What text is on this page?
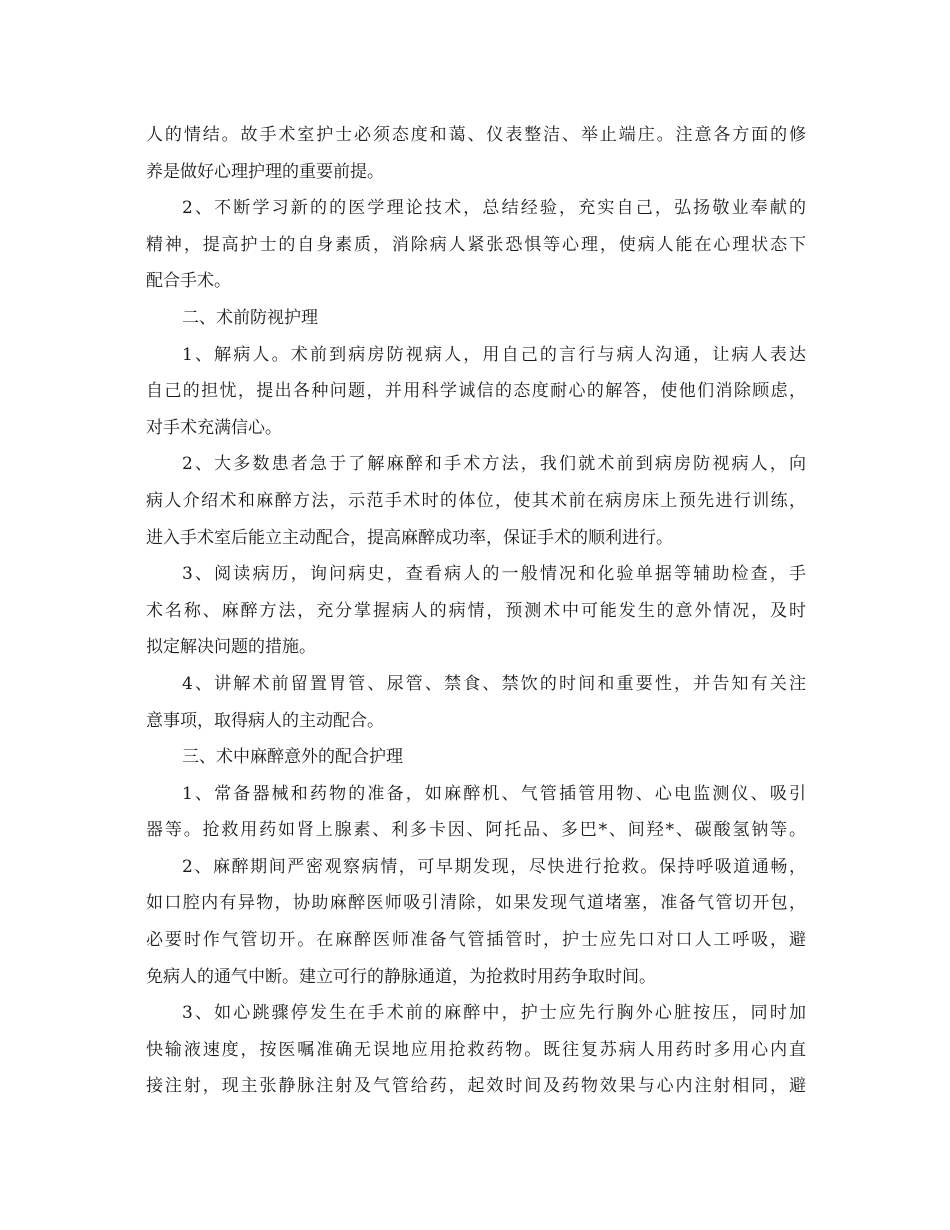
人的情结。故手术室护士必须态度和蔼、仪表整洁、举止端庄。注意各方面的修
养是做好心理护理的重要前提。
2、不断学习新的的医学理论技术，总结经验，充实自己，弘扬敬业奉献的
精神，提高护士的自身素质，消除病人紧张恐惧等心理，使病人能在心理状态下
配合手术。
二、术前防视护理
1、解病人。术前到病房防视病人，用自己的言行与病人沟通，让病人表达
自己的担忧，提出各种问题，并用科学诚信的态度耐心的解答，使他们消除顾虑，
对手术充满信心。
2、大多数患者急于了解麻醉和手术方法，我们就术前到病房防视病人，向
病人介绍术和麻醉方法，示范手术时的体位，使其术前在病房床上预先进行训练，
进入手术室后能立主动配合，提高麻醉成功率，保证手术的顺利进行。
3、阅读病历，询问病史，查看病人的一般情况和化验单据等辅助检查，手
术名称、麻醉方法，充分掌握病人的病情，预测术中可能发生的意外情况，及时
拟定解决问题的措施。
4、讲解术前留置胃管、尿管、禁食、禁饮的时间和重要性，并告知有关注
意事项，取得病人的主动配合。
三、术中麻醉意外的配合护理
1、常备器械和药物的准备，如麻醉机、气管插管用物、心电监测仪、吸引
器等。抢救用药如肾上腺素、利多卡因、阿托品、多巴*、间羟*、碳酸氢钠等。
2、麻醉期间严密观察病情，可早期发现，尽快进行抢救。保持呼吸道通畅，
如口腔内有异物，协助麻醉医师吸引清除，如果发现气道堵塞，准备气管切开包，
必要时作气管切开。在麻醉医师准备气管插管时，护士应先口对口人工呼吸，避
免病人的通气中断。建立可行的静脉通道，为抢救时用药争取时间。
3、如心跳骤停发生在手术前的麻醉中，护士应先行胸外心脏按压，同时加
快输液速度，按医嘱准确无误地应用抢救药物。既往复苏病人用药时多用心内直
接注射，现主张静脉注射及气管给药，起效时间及药物效果与心内注射相同，避
